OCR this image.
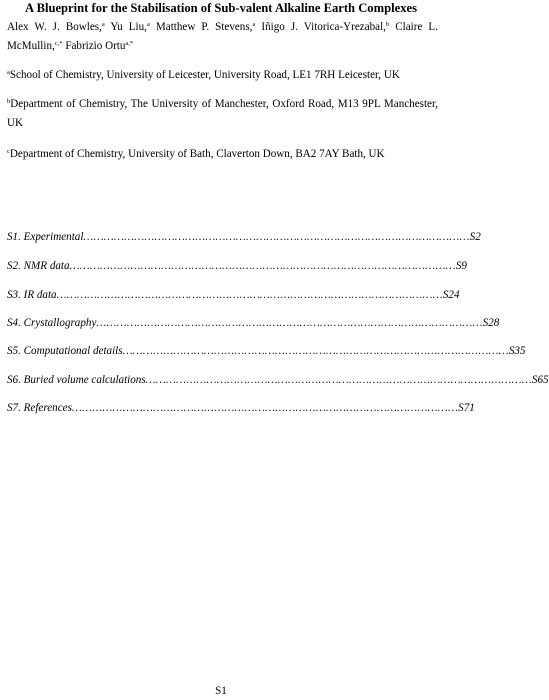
A Blueprint for the Stabilisation of Sub-valent Alkaline Earth Complexes
Alex W. J. Bowles,$^a$ Yu Liu,$^a$ Matthew P. Stevens,$^a$ Iñigo J. Vitorica-Yrezabal,$^b$ Claire L. McMullin,$^{c,*}$ Fabrizio Ortu$^{a,*}$
$^a$School of Chemistry, University of Leicester, University Road, LE1 7RH Leicester, UK
$^b$Department of Chemistry, The University of Manchester, Oxford Road, M13 9PL Manchester, UK
$^c$Department of Chemistry, University of Bath, Claverton Down, BA2 7AY Bath, UK
S1. Experimental …………………………………………………………………………………………………… S2
S2. NMR data …………………………………………………………………………………………………… S9
S3. IR data …………………………………………………………………………………………………… S24
S4. Crystallography …………………………………………………………………………………………………… S28
S5. Computational details …………………………………………………………………………………………………… S35
S6. Buried volume calculations …………………………………………………………………………………………………… S65
S7. References …………………………………………………………………………………………………… S71
S1
